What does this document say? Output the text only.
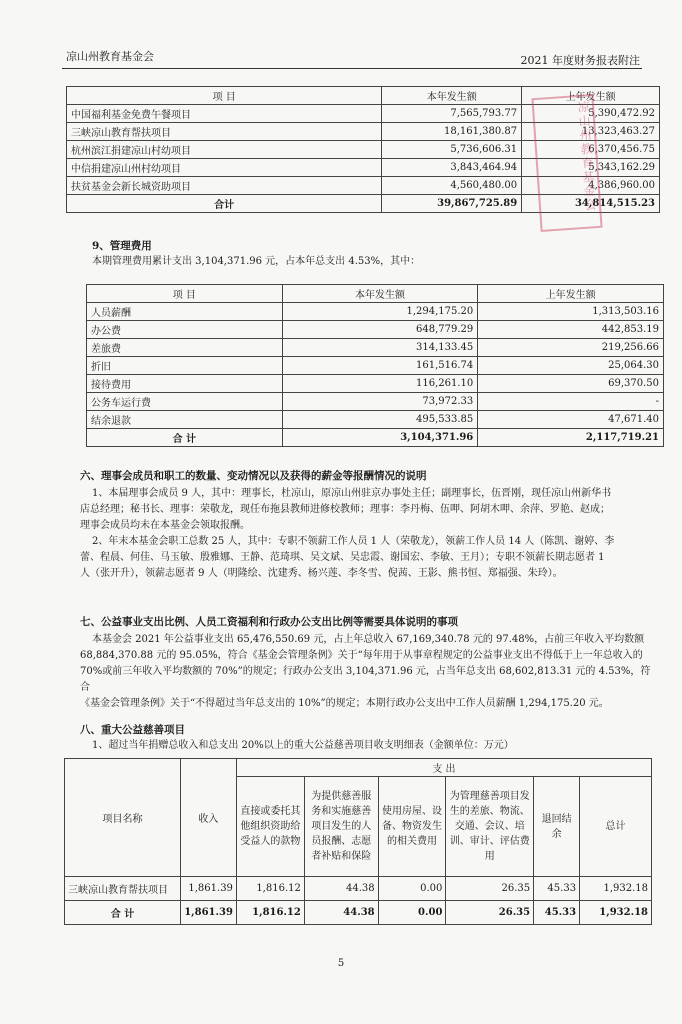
凉山州教育基金会	2021 年度财务报表附注
项 目	本年发生额	上年发生额
中国福利基金免费午餐项目	7,565,793.77	5,390,472.92
三峡凉山教育帮扶项目	18,161,380.87	13,323,463.27
杭州滨江捐建凉山村幼项目	5,736,606.31	6,370,456.75
中信捐建凉山州村幼项目	3,843,464.94	5,343,162.29
扶贫基金会新长城资助项目	4,560,480.00	4,386,960.00
合计	39,867,725.89	34,814,515.23
凉山州教育基金会
9、管理费用
本期管理费用累计支出 3,104,371.96 元，占本年总支出 4.53%，其中：
项 目	本年发生额	上年发生额
人员薪酬	1,294,175.20	1,313,503.16
办公费	648,779.29	442,853.19
差旅费	314,133.45	219,256.66
折旧	161,516.74	25,064.30
接待费用	116,261.10	69,370.50
公务车运行费	73,972.33	-
结余退款	495,533.85	47,671.40
合 计	3,104,371.96	2,117,719.21
六、理事会成员和职工的数量、变动情况以及获得的薪金等报酬情况的说明
1、本届理事会成员 9 人，其中：理事长，杜凉山，原凉山州驻京办事处主任；副理事长，伍晋刚，现任凉山州新华书
店总经理；秘书长、理事：荣敬龙，现任布拖县教师进修校教师；理事：李丹梅、伍呷、阿胡木呷、余萍、罗艳、赵成；
理事会成员均未在本基金会领取报酬。
2、年末本基金会职工总数 25 人，其中：专职不领薪工作人员 1 人（荣敬龙），领薪工作人员 14 人（陈凯、谢婷、李
蕾、程晨、何佳、马玉敏、殷雅娜、王静、范琦琪、吴文斌、吴忠霞、谢国宏、李敏、王月）；专职不领薪长期志愿者 1
人（张开升），领薪志愿者 9 人（明隆绘、沈建秀、杨兴莲、李冬雪、倪茜、王影、熊书恒、郑福强、朱玲）。
七、公益事业支出比例、人员工资福利和行政办公支出比例等需要具体说明的事项
本基金会 2021 年公益事业支出 65,476,550.69 元，占上年总收入 67,169,340.78 元的 97.48%，占前三年收入平均数额
68,884,370.88 元的 95.05%，符合《基金会管理条例》关于“每年用于从事章程规定的公益事业支出不得低于上一年总收入的
70%或前三年收入平均数额的 70%”的规定；行政办公支出 3,104,371.96 元，占当年总支出 68,602,813.31 元的 4.53%，符合
《基金会管理条例》关于“不得超过当年总支出的 10%”的规定；本期行政办公支出中工作人员薪酬 1,294,175.20 元。
八、重大公益慈善项目
1、超过当年捐赠总收入和总支出 20%以上的重大公益慈善项目收支明细表（金额单位：万元）
项目名称	收入	支 出					
		直接或委托其他组织资助给受益人的款物	为提供慈善服务和实施慈善项目发生的人员报酬、志愿者补贴和保险	使用房屋、设备、物资发生的相关费用	为管理慈善项目发生的差旅、物流、交通、会议、培训、审计、评估费用	退回结余	总计
三峡凉山教育帮扶项目	1,861.39	1,816.12	44.38	0.00	26.35	45.33	1,932.18
合 计	1,861.39	1,816.12	44.38	0.00	26.35	45.33	1,932.18
5
